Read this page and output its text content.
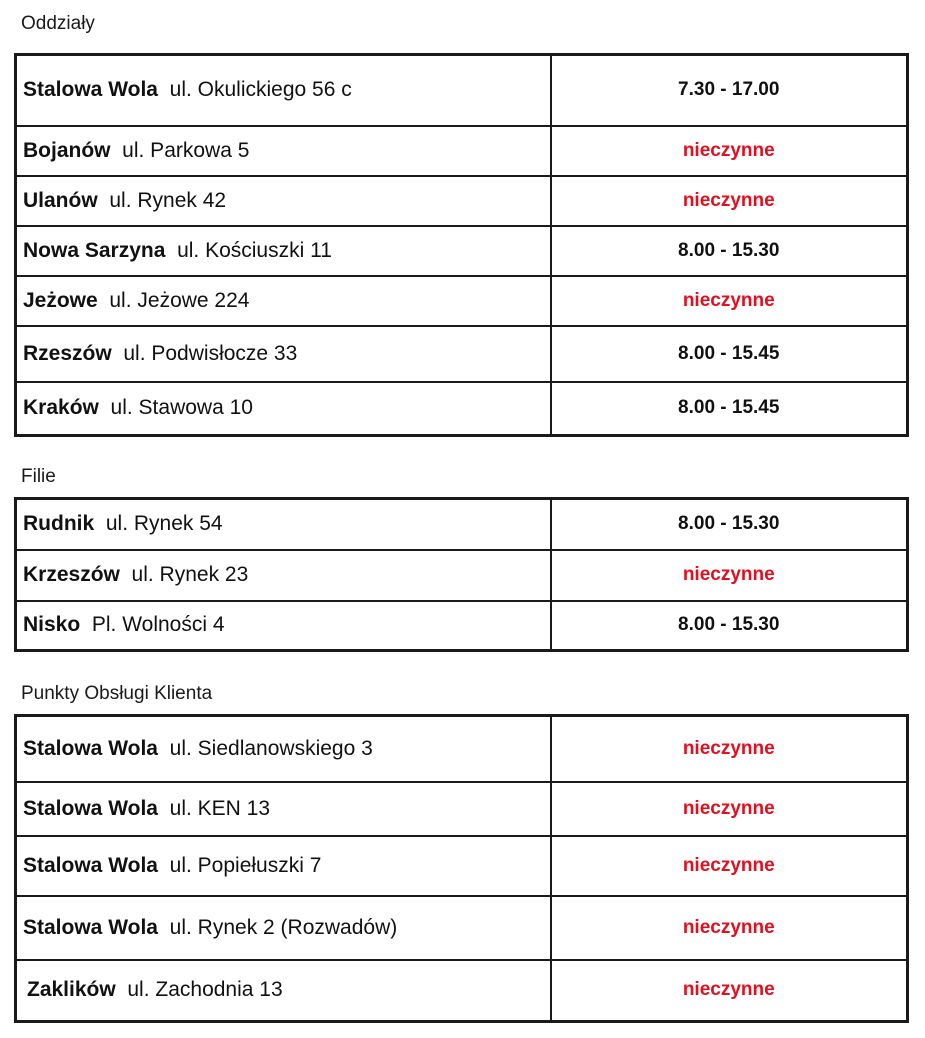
Oddziały
Stalowa Wola ul. Okulickiego 56 c	7.30 - 17.00
Bojanów ul. Parkowa 5	nieczynne
Ulanów ul. Rynek 42	nieczynne
Nowa Sarzyna ul. Kościuszki 11	8.00 - 15.30
Jeżowe ul. Jeżowe 224	nieczynne
Rzeszów ul. Podwisłocze 33	8.00 - 15.45
Kraków ul. Stawowa 10	8.00 - 15.45
Filie
Rudnik ul. Rynek 54	8.00 - 15.30
Krzeszów ul. Rynek 23	nieczynne
Nisko Pl. Wolności 4	8.00 - 15.30
Punkty Obsługi Klienta
Stalowa Wola ul. Siedlanowskiego 3	nieczynne
Stalowa Wola ul. KEN 13	nieczynne
Stalowa Wola ul. Popiełuszki 7	nieczynne
Stalowa Wola ul. Rynek 2 (Rozwadów)	nieczynne
Zaklików ul. Zachodnia 13	nieczynne
